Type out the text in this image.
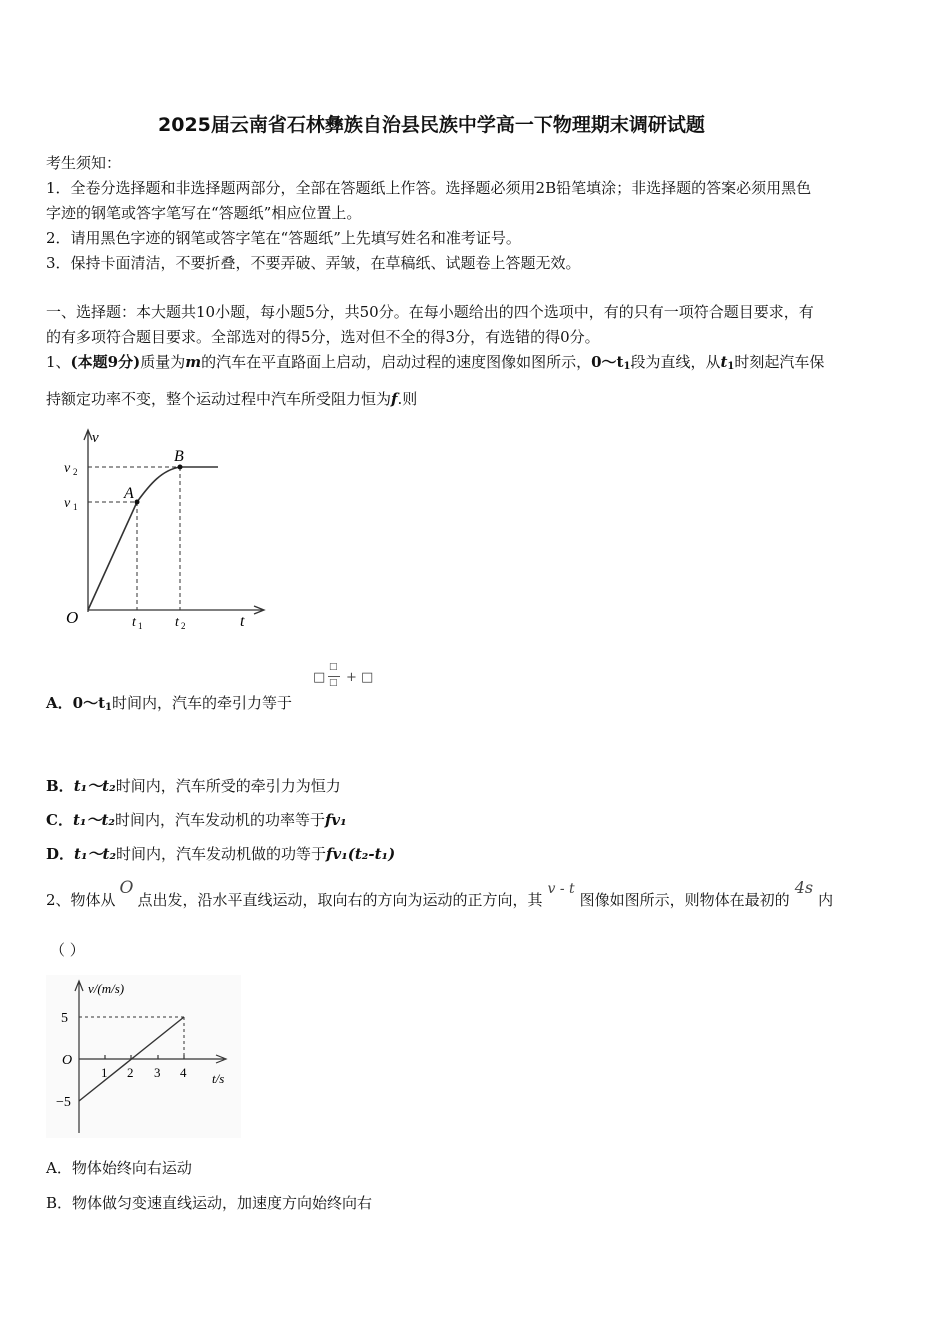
2025届云南省石林彝族自治县民族中学高一下物理期末调研试题
考生须知：
1．全卷分选择题和非选择题两部分，全部在答题纸上作答。选择题必须用2B铅笔填涂；非选择题的答案必须用黑色
字迹的钢笔或答字笔写在“答题纸”相应位置上。
2．请用黑色字迹的钢笔或答字笔在“答题纸”上先填写姓名和准考证号。
3．保持卡面清洁，不要折叠，不要弄破、弄皱，在草稿纸、试题卷上答题无效。
一、选择题：本大题共10小题，每小题5分，共50分。在每小题给出的四个选项中，有的只有一项符合题目要求，有
的有多项符合题目要求。全部选对的得5分，选对但不全的得3分，有选错的得0分。
1、(本题9分)质量为m的汽车在平直路面上启动，启动过程的速度图像如图所示，$0\sim t_1$段为直线，从$t_1$时刻起汽车保
持额定功率不变，整个运动过程中汽车所受阻力恒为f.则
v
v 2
v 1
A
B
O	t 1 t 2	t
□
□
□ + □
A．$0\sim t_1$时间内，汽车的牵引力等于
B．t₁～t₂时间内，汽车所受的牵引力为恒力
C．t₁～t₂时间内，汽车发动机的功率等于fv₁
D．t₁～t₂时间内，汽车发动机做的功等于fv₁(t₂-t₁)
2、物体从O点出发，沿水平直线运动，取向右的方向为运动的正方向，其v - t图像如图所示，则物体在最初的4s内
（ ）
v/(m/s)
t/s
5
O
−5
1 2 3 4
A．物体始终向右运动
B．物体做匀变速直线运动，加速度方向始终向右
